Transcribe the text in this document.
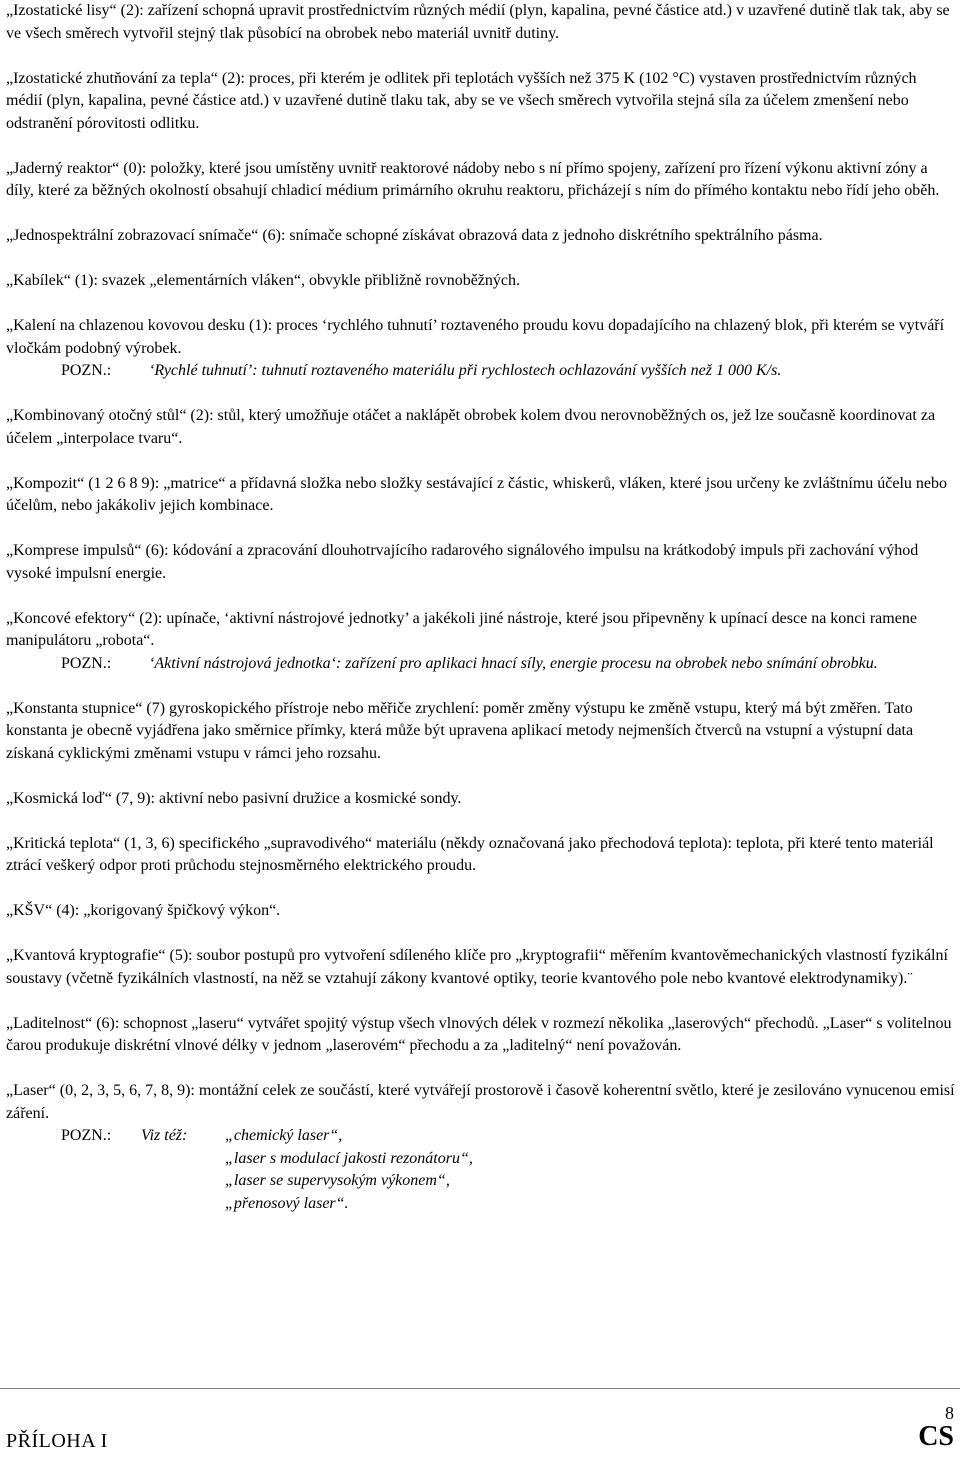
„Izostatické lisy“ (2): zařízení schopná upravit prostřednictvím různých médií (plyn, kapalina, pevné částice atd.) v uzavřené dutině tlak tak, aby se ve všech směrech vytvořil stejný tlak působící na obrobek nebo materiál uvnitř dutiny.
„Izostatické zhutňování za tepla“ (2): proces, při kterém je odlitek při teplotách vyšších než 375 K (102 °C) vystaven prostřednictvím různých médií (plyn, kapalina, pevné částice atd.) v uzavřené dutině tlaku tak, aby se ve všech směrech vytvořila stejná síla za účelem zmenšení nebo odstranění pórovitosti odlitku.
„Jaderný reaktor“ (0): položky, které jsou umístěny uvnitř reaktorové nádoby nebo s ní přímo spojeny, zařízení pro řízení výkonu aktivní zóny a díly, které za běžných okolností obsahují chladicí médium primárního okruhu reaktoru, přicházejí s ním do přímého kontaktu nebo řídí jeho oběh.
„Jednospektrální zobrazovací snímače“ (6): snímače schopné získávat obrazová data z jednoho diskrétního spektrálního pásma.
„Kabílek“ (1): svazek „elementárních vláken“, obvykle přibližně rovnoběžných.
„Kalení na chlazenou kovovou desku (1): proces ‘rychlého tuhnutí’ roztaveného proudu kovu dopadajícího na chlazený blok, při kterém se vytváří vločkám podobný výrobek.
POZN.:	‘Rychlé tuhnutí’: tuhnutí roztaveného materiálu při rychlostech ochlazování vyšších než 1 000 K/s.
„Kombinovaný otočný stůl“ (2): stůl, který umožňuje otáčet a naklápět obrobek kolem dvou nerovnoběžných os, jež lze současně koordinovat za účelem „interpolace tvaru“.
„Kompozit“ (1 2 6 8 9): „matrice“ a přídavná složka nebo složky sestávající z částic, whiskerů, vláken, které jsou určeny ke zvláštnímu účelu nebo účelům, nebo jakákoliv jejich kombinace.
„Komprese impulsů“ (6): kódování a zpracování dlouhotrvajícího radarového signálového impulsu na krátkodobý impuls při zachování výhod vysoké impulsní energie.
„Koncové efektory“ (2): upínače, ‘aktivní nástrojové jednotky’ a jakékoli jiné nástroje, které jsou připevněny k upínací desce na konci ramene manipulátoru „robota“.
POZN.:	‘Aktivní nástrojová jednotka‘: zařízení pro aplikaci hnací síly, energie procesu na obrobek nebo snímání obrobku.
„Konstanta stupnice“ (7) gyroskopického přístroje nebo měřiče zrychlení: poměr změny výstupu ke změně vstupu, který má být změřen. Tato konstanta je obecně vyjádřena jako směrnice přímky, která může být upravena aplikací metody nejmenších čtverců na vstupní a výstupní data získaná cyklickými změnami vstupu v rámci jeho rozsahu.
„Kosmická loď“ (7, 9): aktivní nebo pasivní družice a kosmické sondy.
„Kritická teplota“ (1, 3, 6) specifického „supravodivého“ materiálu (někdy označovaná jako přechodová teplota): teplota, při které tento materiál ztrácí veškerý odpor proti průchodu stejnosměrného elektrického proudu.
„KŠV“ (4): „korigovaný špičkový výkon“.
„Kvantová kryptografie“ (5): soubor postupů pro vytvoření sdíleného klíče pro „kryptografii“ měřením kvantověmechanických vlastností fyzikální soustavy (včetně fyzikálních vlastností, na něž se vztahují zákony kvantové optiky, teorie kvantového pole nebo kvantové elektrodynamiky).¨
„Laditelnost“ (6): schopnost „laseru“ vytvářet spojitý výstup všech vlnových délek v rozmezí několika „laserových“ přechodů. „Laser“ s volitelnou čarou produkuje diskrétní vlnové délky v jednom „laserovém“ přechodu a za „laditelný“ není považován.
„Laser“ (0, 2, 3, 5, 6, 7, 8, 9): montážní celek ze součástí, které vytvářejí prostorově i časově koherentní světlo, které je zesilováno vynucenou emisí záření.
POZN.:	Viz též:	„chemický laser“,
„laser s modulací jakosti rezonátoru“,
„laser se supervysokým výkonem“,
„přenosový laser“.
8
PŘÍLOHA I	CS
